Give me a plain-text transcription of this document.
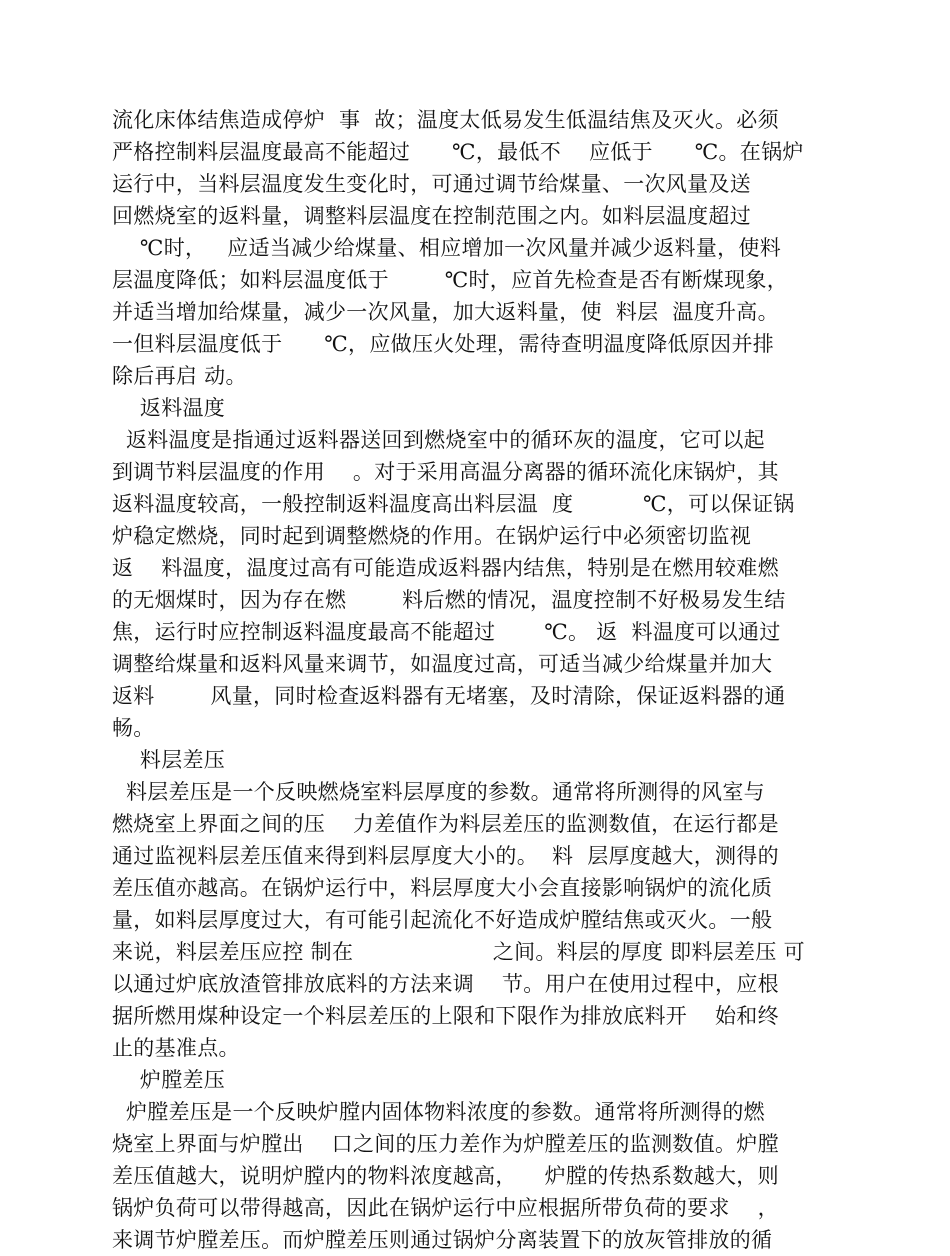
流化床体结焦造成停炉  事  故；温度太低易发生低温结焦及灭火。必须
严格控制料层温度最高不能超过      ℃，最低不    应低于      ℃。在锅炉
运行中，当料层温度发生变化时，可通过调节给煤量、一次风量及送
回燃烧室的返料量，调整料层温度在控制范围之内。如料层温度超过
℃时，   应适当减少给煤量、相应增加一次风量并减少返料量，使料
层温度降低；如料层温度低于        ℃时，应首先检查是否有断煤现象，
并适当增加给煤量，减少一次风量，加大返料量，使  料层  温度升高。
一但料层温度低于      ℃，应做压火处理，需待查明温度降低原因并排
除后再启 动。
返料温度
返料温度是指通过返料器送回到燃烧室中的循环灰的温度，它可以起
到调节料层温度的作用    。对于采用高温分离器的循环流化床锅炉，其
返料温度较高，一般控制返料温度高出料层温  度          ℃，可以保证锅
炉稳定燃烧，同时起到调整燃烧的作用。在锅炉运行中必须密切监视
返    料温度，温度过高有可能造成返料器内结焦，特别是在燃用较难燃
的无烟煤时，因为存在燃        料后燃的情况，温度控制不好极易发生结
焦，运行时应控制返料温度最高不能超过       ℃。 返  料温度可以通过
调整给煤量和返料风量来调节，如温度过高，可适当减少给煤量并加大
返料        风量，同时检查返料器有无堵塞，及时清除，保证返料器的通
畅。
料层差压
料层差压是一个反映燃烧室料层厚度的参数。通常将所测得的风室与
燃烧室上界面之间的压    力差值作为料层差压的监测数值，在运行都是
通过监视料层差压值来得到料层厚度大小的。  料  层厚度越大，测得的
差压值亦越高。在锅炉运行中，料层厚度大小会直接影响锅炉的流化质
量，如料层厚度过大，有可能引起流化不好造成炉膛结焦或灭火。一般
来说，料层差压应控 制在                    之间。料层的厚度 即料层差压 可
以通过炉底放渣管排放底料的方法来调    节。用户在使用过程中，应根
据所燃用煤种设定一个料层差压的上限和下限作为排放底料开    始和终
止的基准点。
炉膛差压
炉膛差压是一个反映炉膛内固体物料浓度的参数。通常将所测得的燃
烧室上界面与炉膛出    口之间的压力差作为炉膛差压的监测数值。炉膛
差压值越大，说明炉膛内的物料浓度越高，    炉膛的传热系数越大，则
锅炉负荷可以带得越高，因此在锅炉运行中应根据所带负荷的要求    ，
来调节炉膛差压。而炉膛差压则通过锅炉分离装置下的放灰管排放的循
